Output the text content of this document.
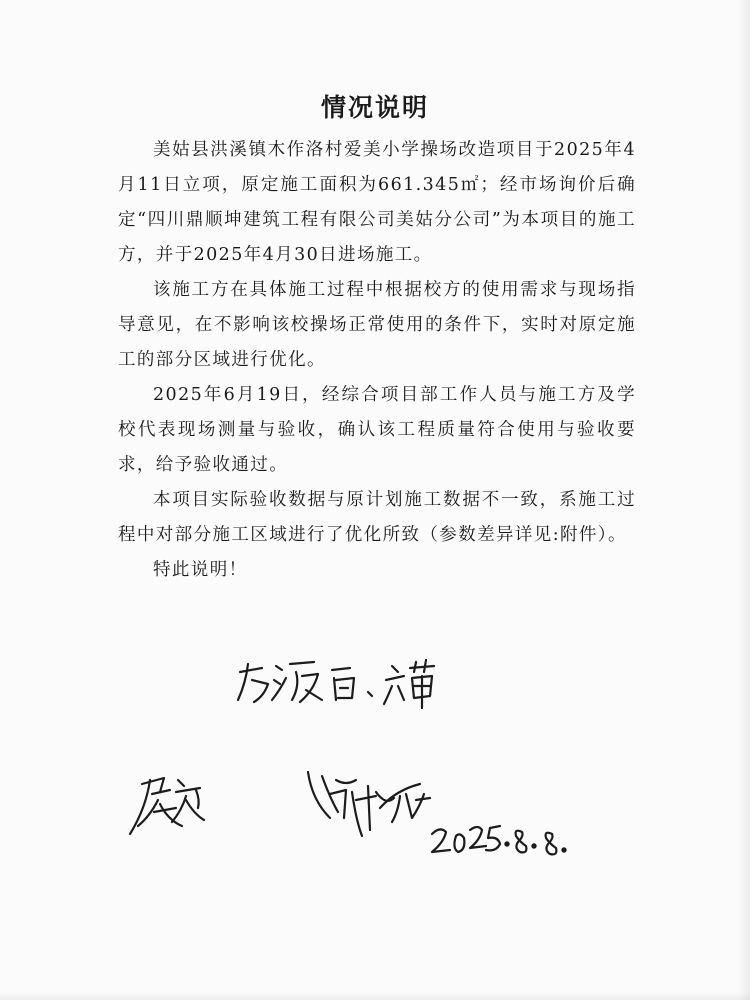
情况说明

美姑县洪溪镇木作洛村爱美小学操场改造项目于2025年4月11日立项，原定施工面积为661.345㎡；经市场询价后确定“四川鼎顺坤建筑工程有限公司美姑分公司”为本项目的施工方，并于2025年4月30日进场施工。

该施工方在具体施工过程中根据校方的使用需求与现场指导意见，在不影响该校操场正常使用的条件下，实时对原定施工的部分区域进行优化。

2025年6月19日，经综合项目部工作人员与施工方及学校代表现场测量与验收，确认该工程质量符合使用与验收要求，给予验收通过。

本项目实际验收数据与原计划施工数据不一致，系施工过程中对部分施工区域进行了优化所致（参数差异详见:附件）。

特此说明！
